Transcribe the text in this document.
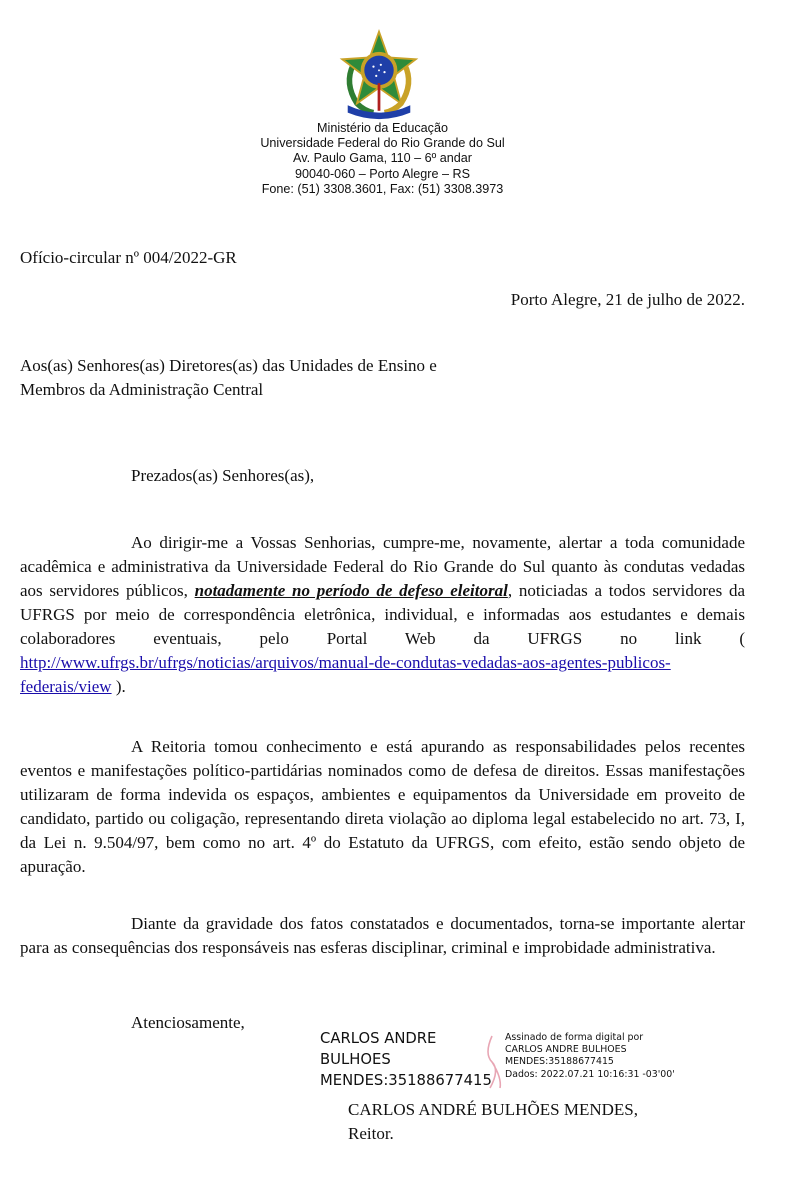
Ministério da Educação
Universidade Federal do Rio Grande do Sul
Av. Paulo Gama, 110 – 6º andar
90040-060 – Porto Alegre – RS
Fone: (51) 3308.3601, Fax: (51) 3308.3973
Ofício-circular nº 004/2022-GR
Porto Alegre, 21 de julho de 2022.
Aos(as) Senhores(as) Diretores(as) das Unidades de Ensino e
Membros da Administração Central
Prezados(as) Senhores(as),

Ao dirigir-me a Vossas Senhorias, cumpre-me, novamente, alertar a toda comunidade acadêmica e administrativa da Universidade Federal do Rio Grande do Sul quanto às condutas vedadas aos servidores públicos, notadamente no período de defeso eleitoral, noticiadas a todos servidores da UFRGS por meio de correspondência eletrônica, individual, e informadas aos estudantes e demais colaboradores eventuais, pelo Portal Web da UFRGS no link ( http://www.ufrgs.br/ufrgs/noticias/arquivos/manual-de-condutas-vedadas-aos-agentes-publicos-federais/view ).

A Reitoria tomou conhecimento e está apurando as responsabilidades pelos recentes eventos e manifestações político-partidárias nominados como de defesa de direitos. Essas manifestações utilizaram de forma indevida os espaços, ambientes e equipamentos da Universidade em proveito de candidato, partido ou coligação, representando direta violação ao diploma legal estabelecido no art. 73, I, da Lei n. 9.504/97, bem como no art. 4º do Estatuto da UFRGS, com efeito, estão sendo objeto de apuração.

Diante da gravidade dos fatos constatados e documentados, torna-se importante alertar para as consequências dos responsáveis nas esferas disciplinar, criminal e improbidade administrativa.

Atenciosamente,
CARLOS ANDRE
BULHOES
MENDES:35188677415
Assinado de forma digital por
CARLOS ANDRE BULHOES
MENDES:35188677415
Dados: 2022.07.21 10:16:31 -03'00'
CARLOS ANDRÉ BULHÕES MENDES,
Reitor.
